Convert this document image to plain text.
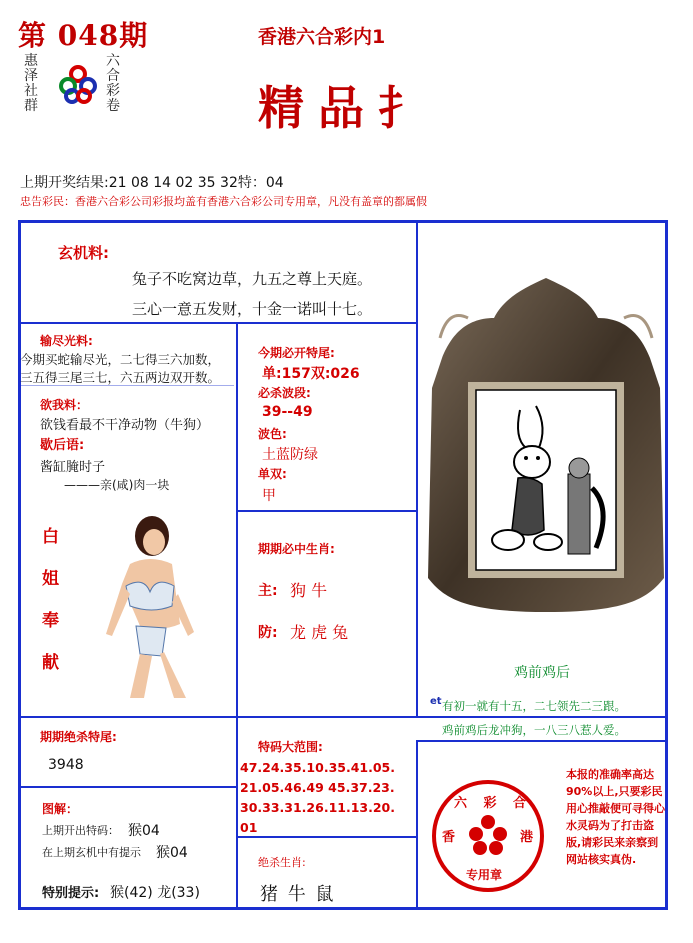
第 048期
惠泽社群
六合彩卷
香港六合彩内1
精品扌
上期开奖结果:21 08 14 02 35 32特：04
忠告彩民：香港六合彩公司彩报均盖有香港六合彩公司专用章，凡没有盖章的都属假
玄机料:
兔子不吃窝边草，九五之尊上天庭。
三心一意五发财，十金一诺叫十七。
输尽光料:
今期买蛇输尽光，二七得三六加数，
三五得三尾三七，六五两边双开数。
欲我料：
欲钱看最不干净动物（牛狗）
歇后语:
酱缸腌时子
———亲(咸)肉一块
今期必开特尾:
单:157双:026
必杀波段:
39--49
波色:
土蓝防绿
单双:
甲
白姐奉献
期期必中生肖:
主: 狗 牛
防: 龙 虎 兔
鸡前鸡后
et 有初一就有十五，二七领先二三跟。
鸡前鸡后龙冲狗，一八三八惹人爱。
期期绝杀特尾:
3948
特码大范围:
47.24.35.10.35.41.05.
21.05.46.49 45.37.23.
30.33.31.26.11.13.20.
01
图解：
上期开出特码： 猴04
在上期玄机中有提示 猴04
特别提示: 猴(42) 龙(33)
绝杀生肖:
猪 牛 鼠
六 彩 合
香	港
专用章
本报的准确率高达 90%以上,只要彩民用心推敲便可寻得心水灵码为了打击盗版,请彩民来亲察到网站核实真伪.
